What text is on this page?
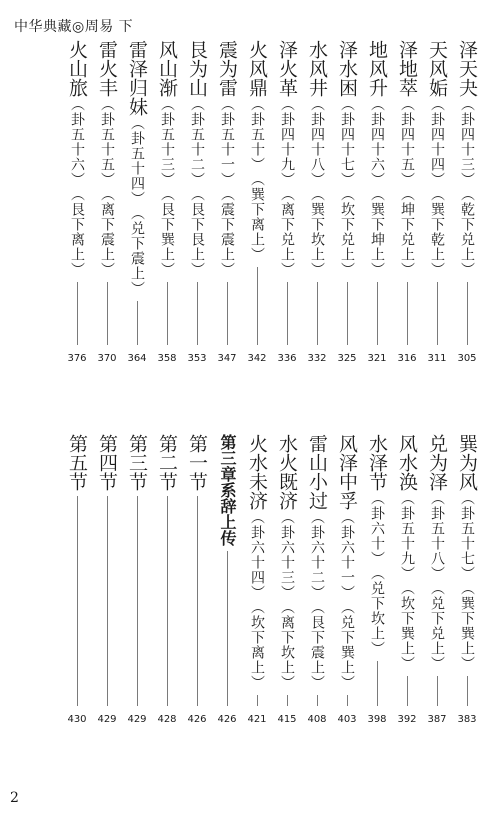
中华典藏◎周易 下
泽天夬
（卦四十三）
（乾下兑上）
305
天风姤
（卦四十四）
（巽下乾上）
311
泽地萃
（卦四十五）
（坤下兑上）
316
地风升
（卦四十六）
（巽下坤上）
321
泽水困
（卦四十七）
（坎下兑上）
325
水风井
（卦四十八）
（巽下坎上）
332
泽火革
（卦四十九）
（离下兑上）
336
火风鼎
（卦五十）
（巽下离上）
342
震为雷
（卦五十一）
（震下震上）
347
艮为山
（卦五十二）
（艮下艮上）
353
风山渐
（卦五十三）
（艮下巽上）
358
雷泽归妹
（卦五十四）
（兑下震上）
364
雷火丰
（卦五十五）
（离下震上）
370
火山旅
（卦五十六）
（艮下离上）
376
巽为风
（卦五十七）
（巽下巽上）
383
兑为泽
（卦五十八）
（兑下兑上）
387
风水涣
（卦五十九）
（坎下巽上）
392
水泽节
（卦六十）
（兑下坎上）
398
风泽中孚
（卦六十一）
（兑下巽上）
403
雷山小过
（卦六十二）
（艮下震上）
408
水火既济
（卦六十三）
（离下坎上）
415
火水未济
（卦六十四）
（坎下离上）
421
第三章系辞上传
426
第一节
426
第二节
428
第三节
429
第四节
429
第五节
430
2
